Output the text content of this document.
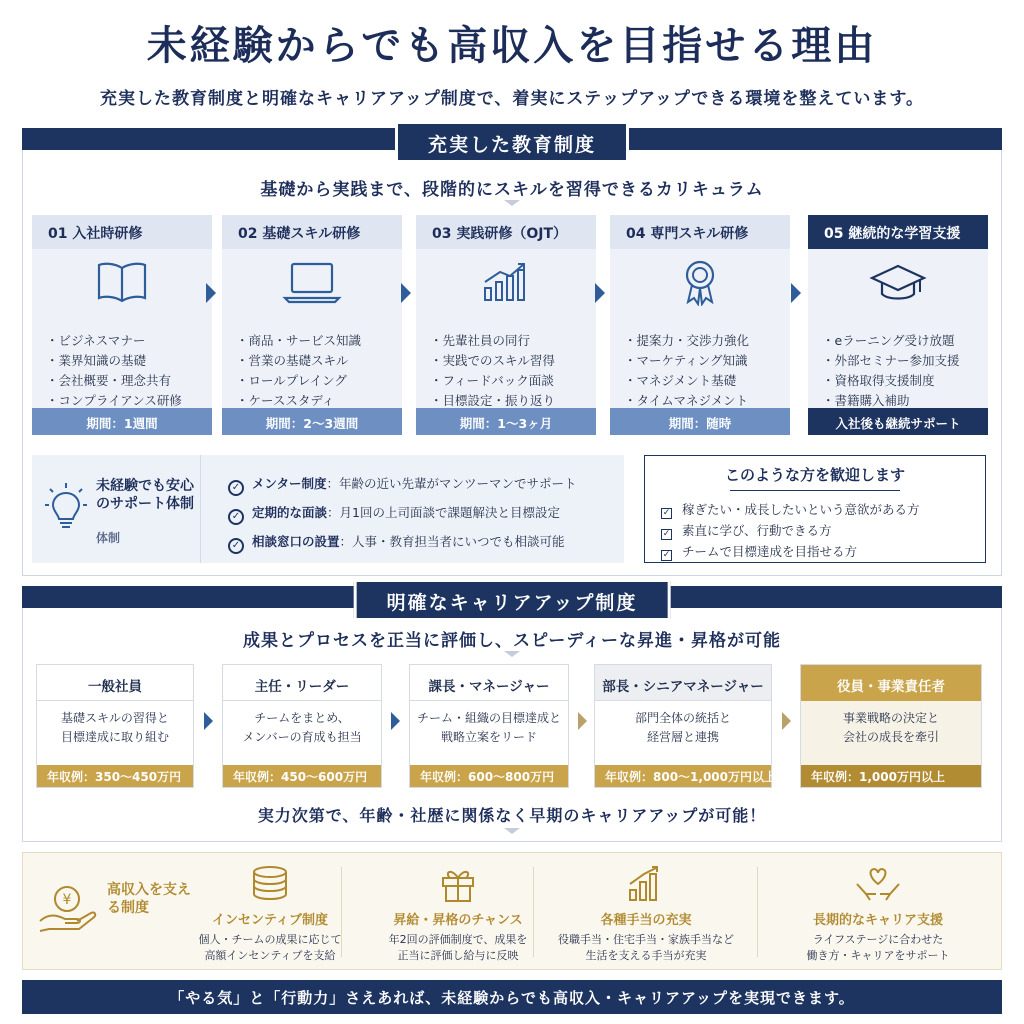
未経験からでも高収入を目指せる理由
充実した教育制度と明確なキャリアアップ制度で、着実にステップアップできる環境を整えています。
充実した教育制度
基礎から実践まで、段階的にスキルを習得できるカリキュラム
01 入社時研修
・ ビジネスマナー
・ 業界知識の基礎
・ 会社概要・理念共有
・ コンプライアンス研修
期間：1週間
02 基礎スキル研修
・ 商品・サービス知識
・ 営業の基礎スキル
・ ロールプレイング
・ ケーススタディ
期間：2〜3週間
03 実践研修（OJT）
・ 先輩社員の同行
・ 実践でのスキル習得
・ フィードバック面談
・ 目標設定・振り返り
期間：1〜3ヶ月
04 専門スキル研修
・ 提案力・交渉力強化
・ マーケティング知識
・ マネジメント基礎
・ タイムマネジメント
期間：随時
05 継続的な学習支援
・ eラーニング受け放題
・ 外部セミナー参加支援
・ 資格取得支援制度
・ 書籍購入補助
入社後も継続サポート
未経験でも安心のサポート体制
体制
✓ メンター制度：年齢の近い先輩がマンツーマンでサポート
✓ 定期的な面談：月1回の上司面談で課題解決と目標設定
✓ 相談窓口の設置：人事・教育担当者にいつでも相談可能
このような方を歓迎します
✓ 稼ぎたい・成長したいという意欲がある方
✓ 素直に学び、行動できる方
✓ チームで目標達成を目指せる方
明確なキャリアアップ制度
成果とプロセスを正当に評価し、スピーディーな昇進・昇格が可能
一般社員
基礎スキルの習得と
目標達成に取り組む
年収例：350〜450万円
主任・リーダー
チームをまとめ、
メンバーの育成も担当
年収例：450〜600万円
課長・マネージャー
チーム・組織の目標達成と
戦略立案をリード
年収例：600〜800万円
部長・シニアマネージャー
部門全体の統括と
経営層と連携
年収例：800〜1,000万円以上
役員・事業責任者
事業戦略の決定と
会社の成長を牽引
年収例：1,000万円以上
実力次第で、年齢・社歴に関係なく早期のキャリアアップが可能！
¥
高収入を支える制度
インセンティブ制度
個人・チームの成果に応じて
高額インセンティブを支給
昇給・昇格のチャンス
年2回の評価制度で、成果を
正当に評価し給与に反映
各種手当の充実
役職手当・住宅手当・家族手当など
生活を支える手当が充実
長期的なキャリア支援
ライフステージに合わせた
働き方・キャリアをサポート
「やる気」と「行動力」さえあれば、未経験からでも高収入・キャリアアップを実現できます。
